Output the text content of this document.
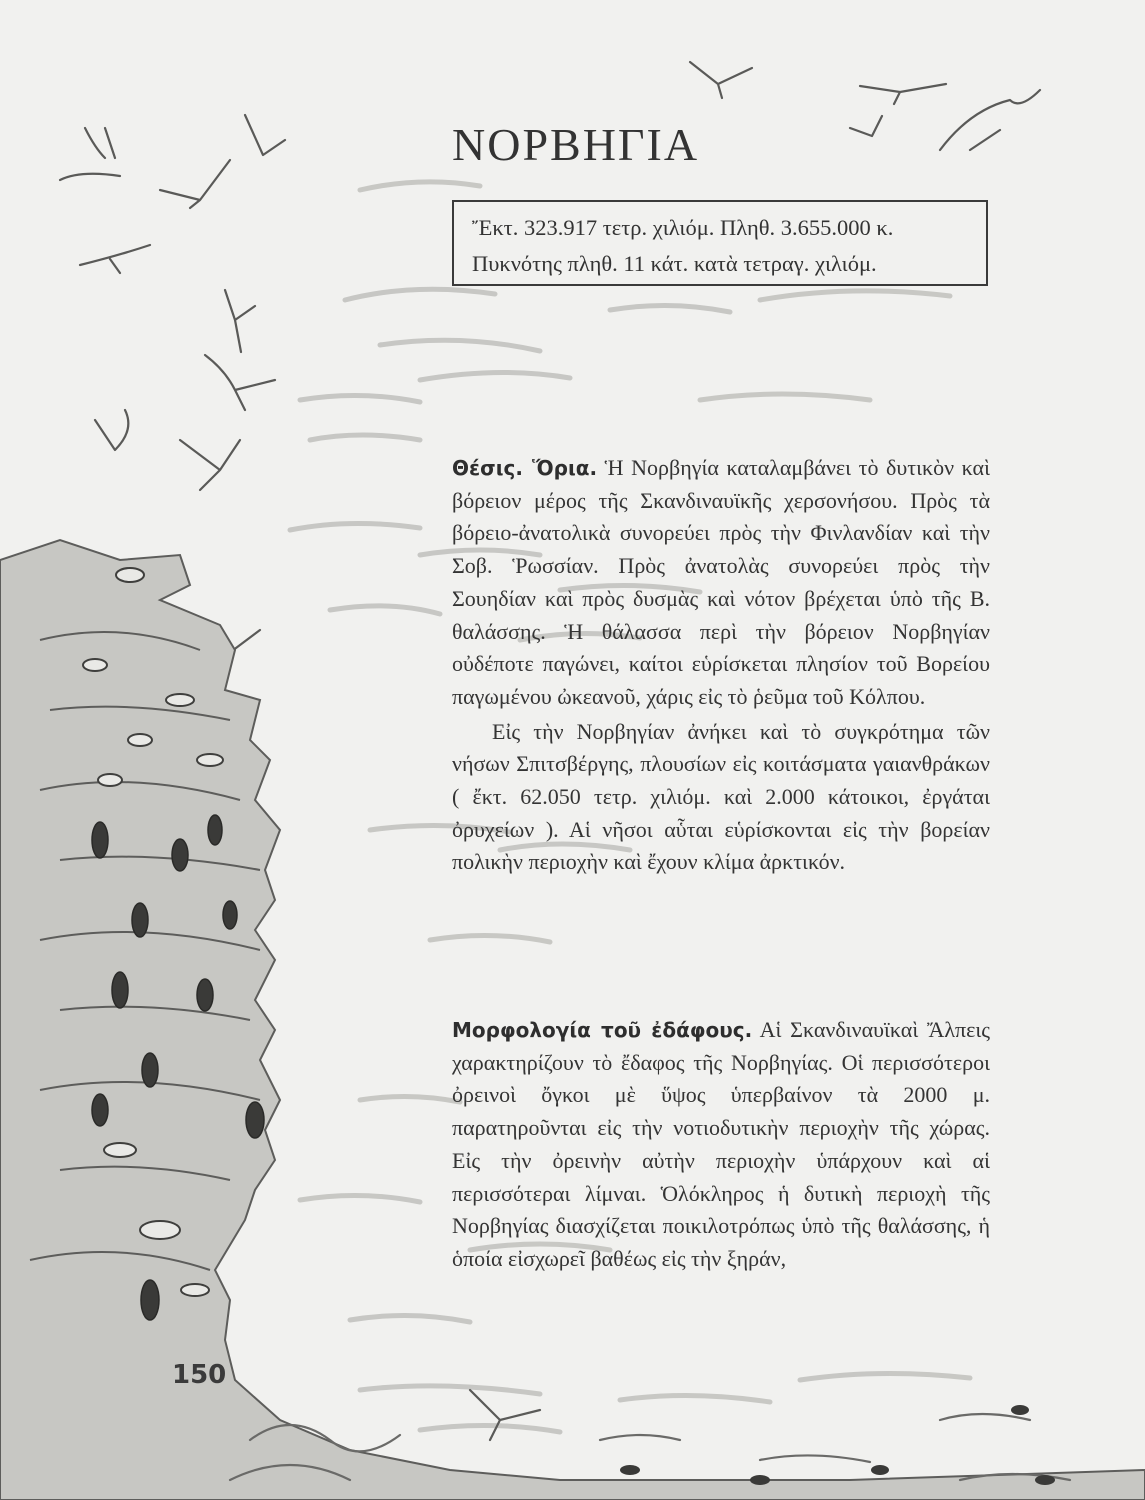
ΝΟΡΒΗΓΙΑ
Ἔκτ. 323.917 τετρ. χιλιόμ. Πληθ. 3.655.000 κ.
Πυκνότης πληθ. 11 κάτ. κατὰ τετραγ. χιλιόμ.

Θέσις. Ὅρια. Ἡ Νορβηγία καταλαμβάνει τὸ δυτικὸν καὶ βόρειον μέρος τῆς Σκανδιναυϊκῆς χερσονήσου. Πρὸς τὰ βόρειο-ἀνατολικὰ συνορεύει πρὸς τὴν Φινλανδίαν καὶ τὴν Σοβ. Ῥωσσίαν. Πρὸς ἀνατολὰς συνορεύει πρὸς τὴν Σουηδίαν καὶ πρὸς δυσμὰς καὶ νότον βρέχεται ὑπὸ τῆς Β. θαλάσσης. Ἡ θάλασσα περὶ τὴν βόρειον Νορβηγίαν οὐδέποτε παγώνει, καίτοι εὑρίσκεται πλησίον τοῦ Βορείου παγωμένου ὠκεανοῦ, χάρις εἰς τὸ ῥεῦμα τοῦ Κόλπου.

Εἰς τὴν Νορβηγίαν ἀνήκει καὶ τὸ συγκρότημα τῶν νήσων Σπιτσβέργης, πλουσίων εἰς κοιτάσματα γαιανθράκων ( ἔκτ. 62.050 τετρ. χιλιόμ. καὶ 2.000 κάτοικοι, ἐργάται ὀρυχείων ). Αἱ νῆσοι αὗται εὑρίσκονται εἰς τὴν βορείαν πολικὴν περιοχὴν καὶ ἔχουν κλίμα ἀρκτικόν.

Μορφολογία τοῦ ἐδάφους. Αἱ Σκανδιναυϊκαὶ Ἄλπεις χαρακτηρίζουν τὸ ἔδαφος τῆς Νορβηγίας. Οἱ περισσότεροι ὀρεινοὶ ὄγκοι μὲ ὕψος ὑπερβαίνον τὰ 2000 μ. παρατηροῦνται εἰς τὴν νοτιοδυτικὴν περιοχὴν τῆς χώρας. Εἰς τὴν ὀρεινὴν αὐτὴν περιοχὴν ὑπάρχουν καὶ αἱ περισσότεραι λίμναι. Ὁλόκληρος ἡ δυτικὴ περιοχὴ τῆς Νορβηγίας διασχίζεται ποικιλοτρόπως ὑπὸ τῆς θαλάσσης, ἡ ὁποία εἰσχωρεῖ βαθέως εἰς τὴν ξηράν,

150
